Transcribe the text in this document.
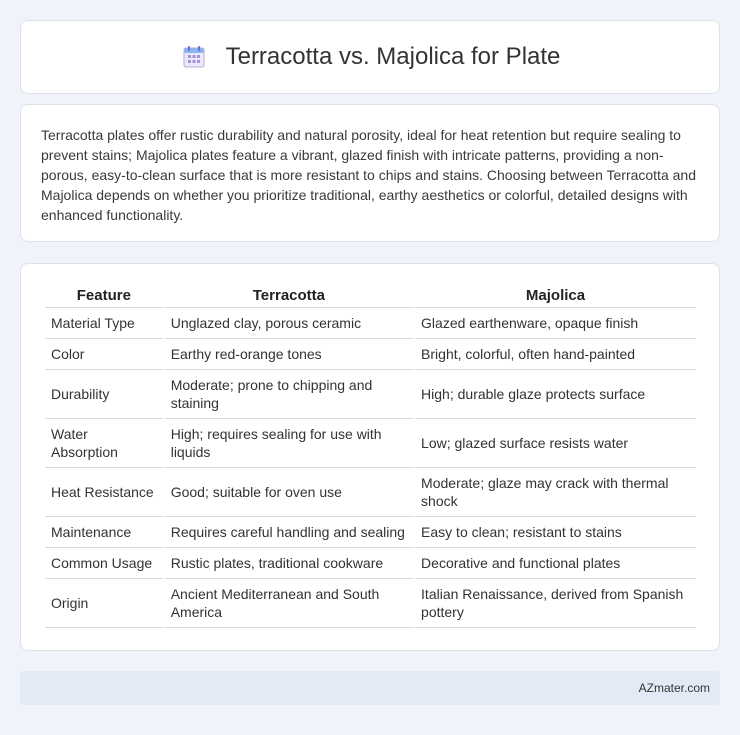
Terracotta vs. Majolica for Plate

Terracotta plates offer rustic durability and natural porosity, ideal for heat retention but require sealing to prevent stains; Majolica plates feature a vibrant, glazed finish with intricate patterns, providing a non-porous, easy-to-clean surface that is more resistant to chips and stains. Choosing between Terracotta and Majolica depends on whether you prioritize traditional, earthy aesthetics or colorful, detailed designs with enhanced functionality.

Feature	Terracotta	Majolica
Material Type	Unglazed clay, porous ceramic	Glazed earthenware, opaque finish
Color	Earthy red-orange tones	Bright, colorful, often hand-painted
Durability	Moderate; prone to chipping and staining	High; durable glaze protects surface
Water Absorption	High; requires sealing for use with liquids	Low; glazed surface resists water
Heat Resistance	Good; suitable for oven use	Moderate; glaze may crack with thermal shock
Maintenance	Requires careful handling and sealing	Easy to clean; resistant to stains
Common Usage	Rustic plates, traditional cookware	Decorative and functional plates
Origin	Ancient Mediterranean and South America	Italian Renaissance, derived from Spanish pottery
AZmater.com
